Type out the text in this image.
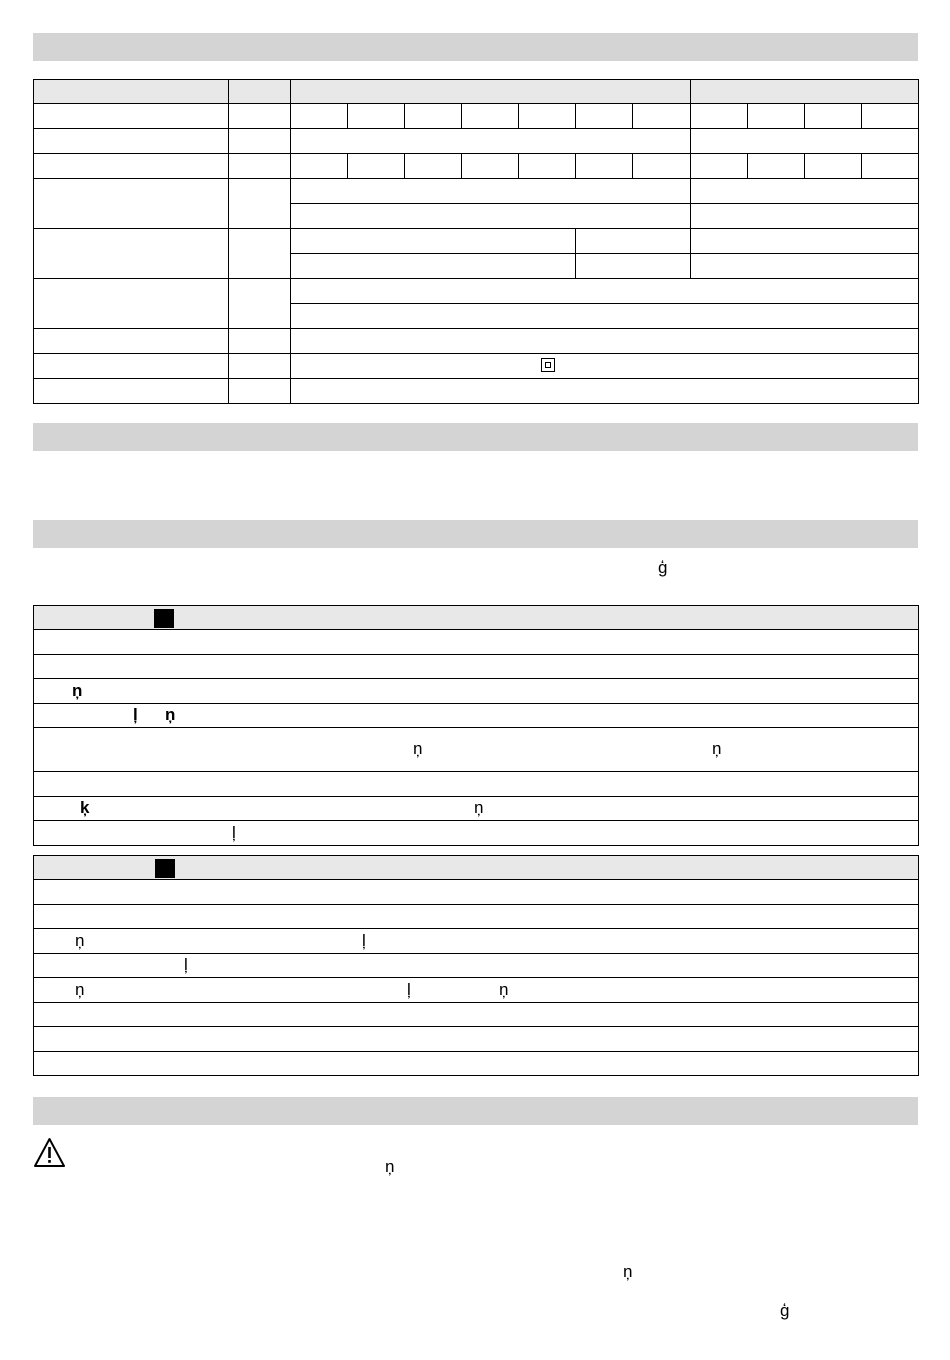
ģ

ņ

ļ ņ

ņ	ņ

ķ	ņ

ļ

ņ	ļ

ļ

ņ	ļ	ņ

ņ
ņ
ģ
